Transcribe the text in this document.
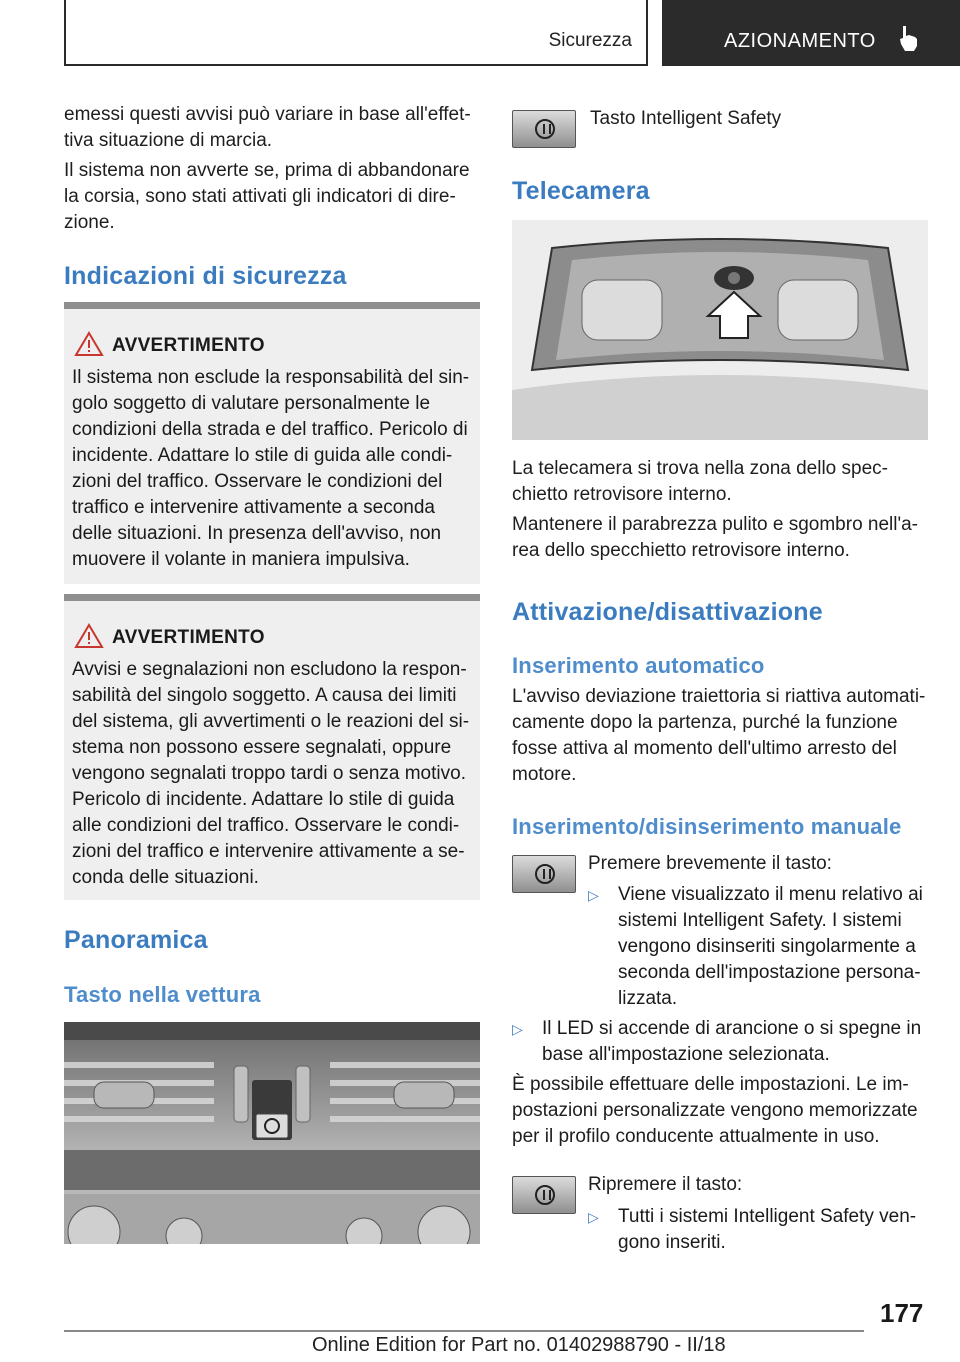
Sicurezza	AZIONAMENTO

emessi questi avvisi può variare in base all'effet-tiva situazione di marcia.

Il sistema non avverte se, prima di abbandonare la corsia, sono stati attivati gli indicatori di dire-zione.

Indicazioni di sicurezza
AVVERTIMENTO

Il sistema non esclude la responsabilità del sin-golo soggetto di valutare personalmente le condizioni della strada e del traffico. Pericolo di incidente. Adattare lo stile di guida alle condi-zioni del traffico. Osservare le condizioni del traffico e intervenire attivamente a seconda delle situazioni. In presenza dell'avviso, non muovere il volante in maniera impulsiva.

AVVERTIMENTO

Avvisi e segnalazioni non escludono la respon-sabilità del singolo soggetto. A causa dei limiti del sistema, gli avvertimenti o le reazioni del si-stema non possono essere segnalati, oppure vengono segnalati troppo tardi o senza motivo. Pericolo di incidente. Adattare lo stile di guida alle condizioni del traffico. Osservare le condi-zioni del traffico e intervenire attivamente a se-conda delle situazioni.

Panoramica
Tasto nella vettura

Tasto Intelligent Safety

Telecamera

La telecamera si trova nella zona dello spec-chietto retrovisore interno.

Mantenere il parabrezza pulito e sgombro nell'a-rea dello specchietto retrovisore interno.

Attivazione/disattivazione
Inserimento automatico

L'avviso deviazione traiettoria si riattiva automati-camente dopo la partenza, purché la funzione fosse attiva al momento dell'ultimo arresto del motore.

Inserimento/disinserimento manuale

Premere brevemente il tasto:

▷ Viene visualizzato il menu relativo ai sistemi Intelligent Safety. I sistemi vengono disinseriti singolarmente a seconda dell'impostazione persona-lizzata.
▷ Il LED si accende di arancione o si spegne in base all'impostazione selezionata.

È possibile effettuare delle impostazioni. Le im-postazioni personalizzate vengono memorizzate per il profilo conducente attualmente in uso.

Ripremere il tasto:

▷ Tutti i sistemi Intelligent Safety ven-gono inseriti.
177
Online Edition for Part no. 01402988790 - II/18
